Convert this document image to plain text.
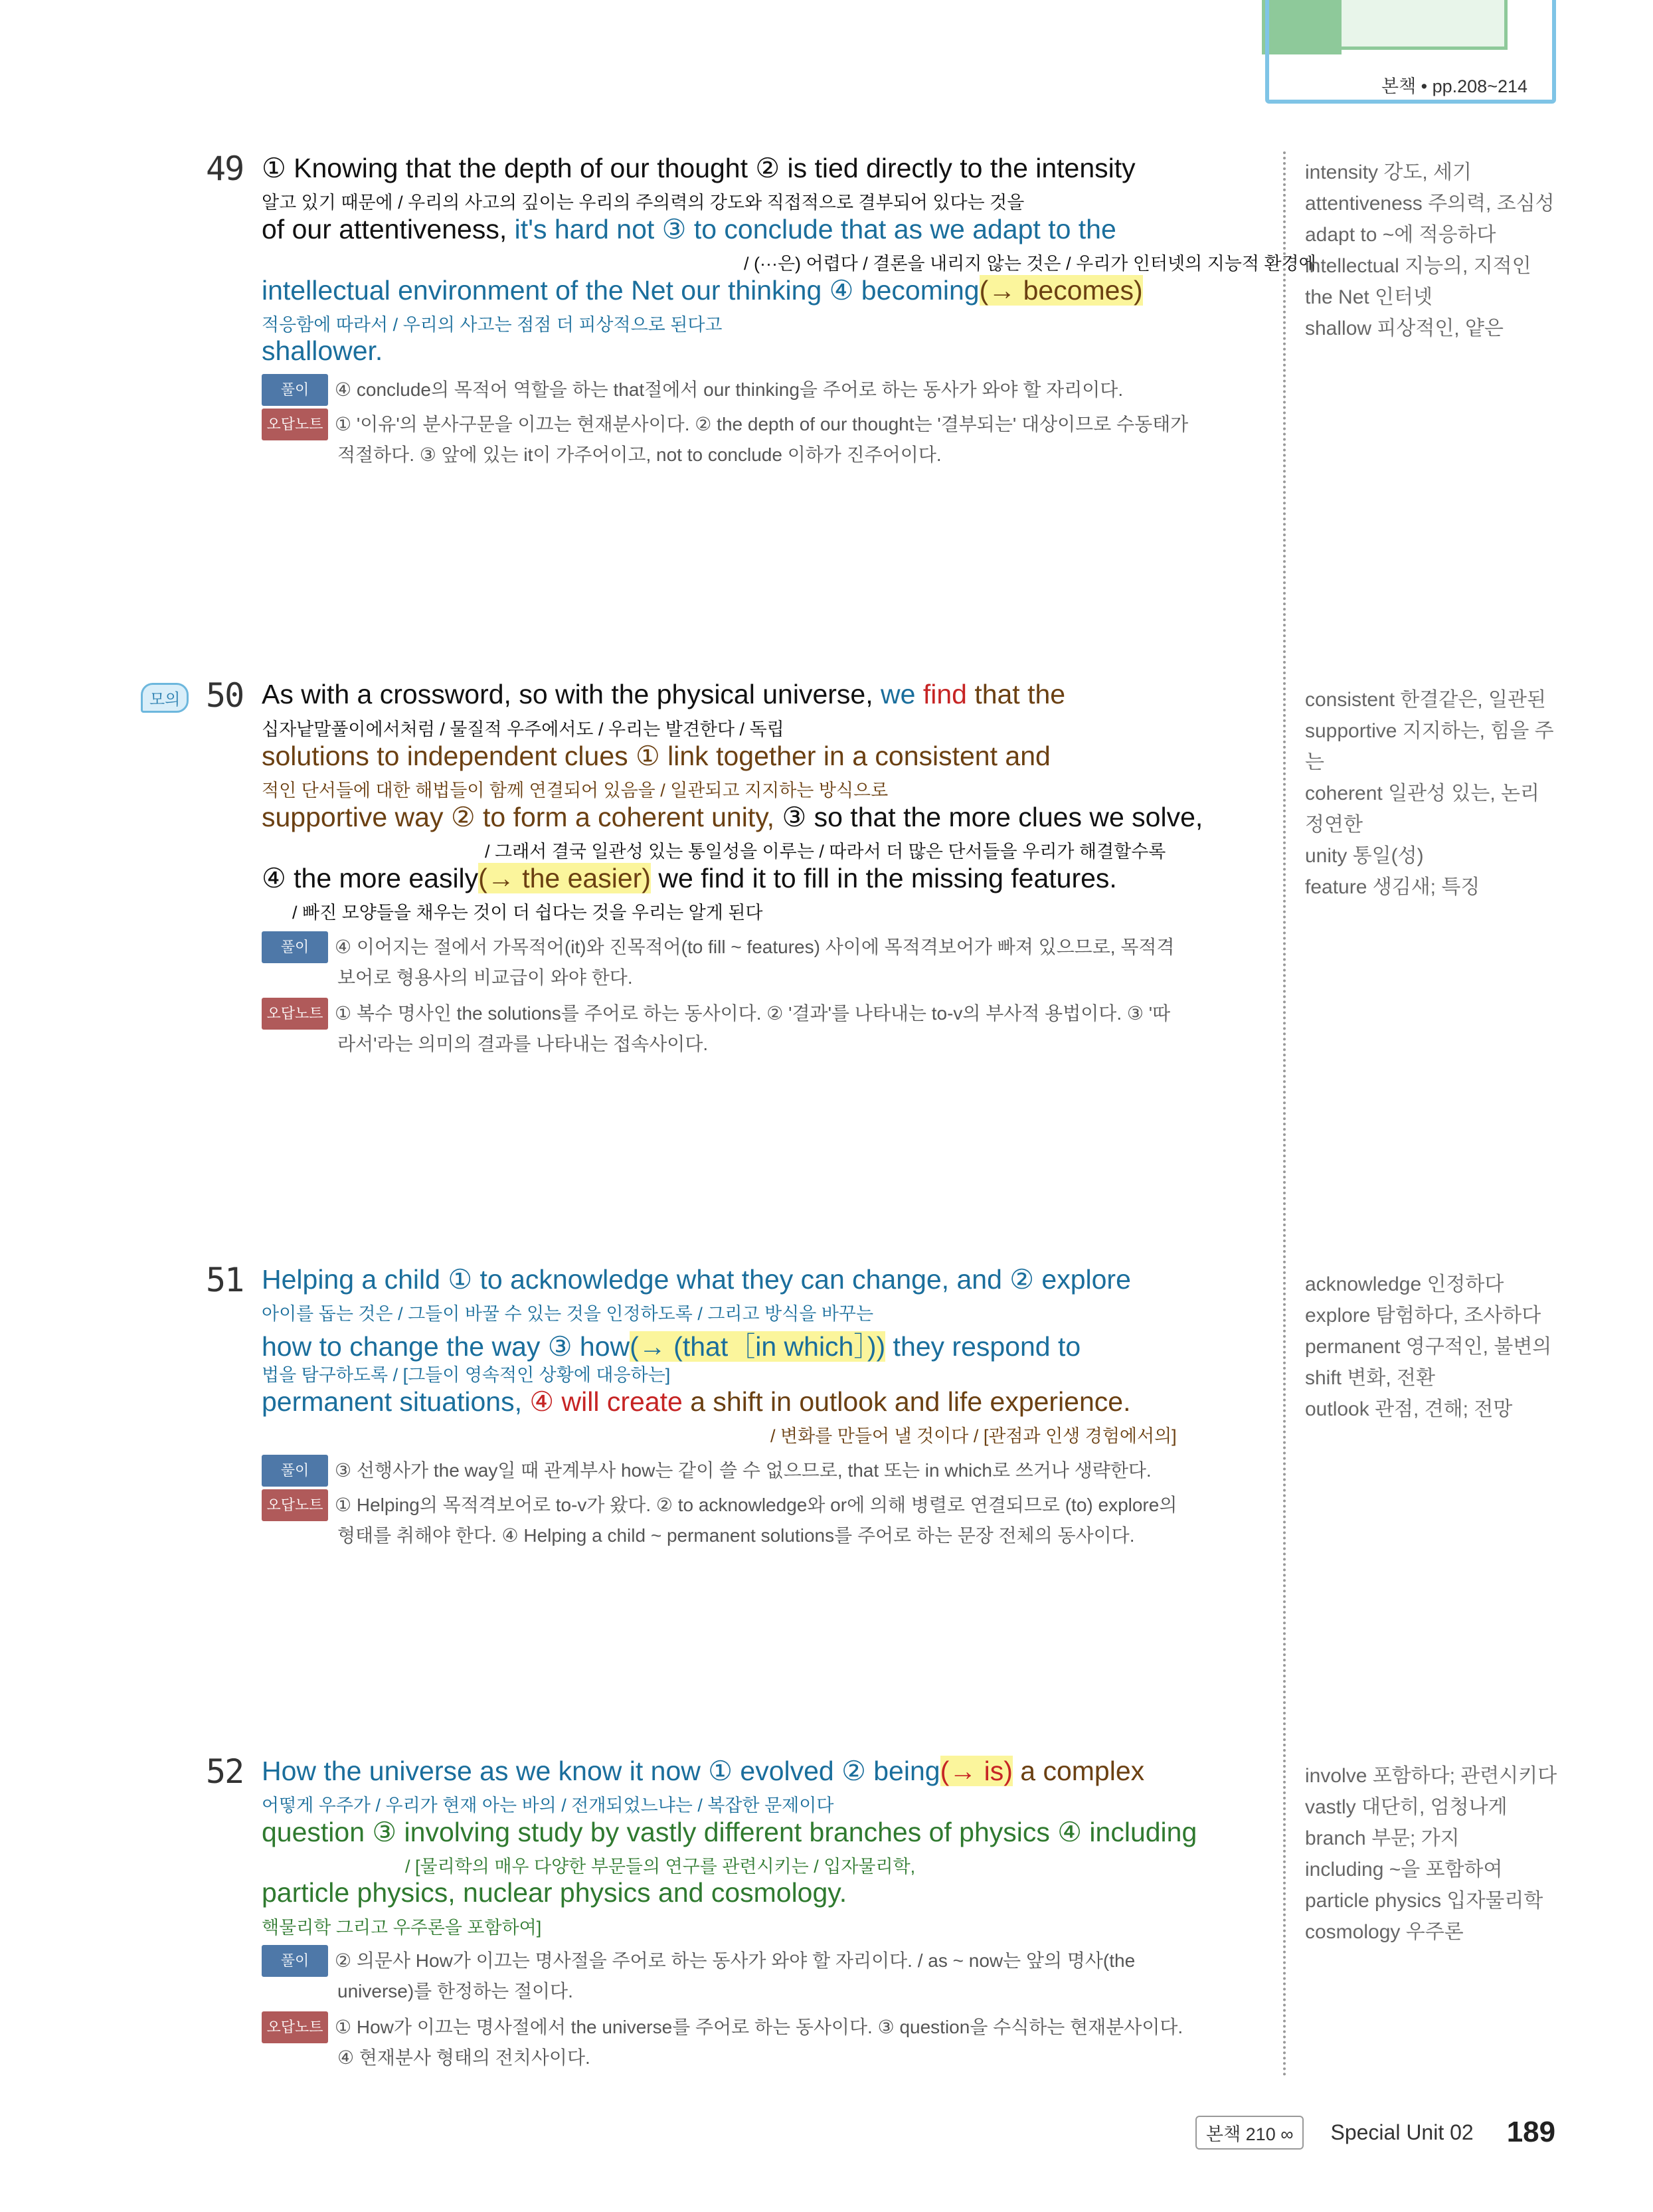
본책 • pp.208~214
49 ① Knowing that the depth of our thought ② is tied directly to the intensity
알고 있기 때문에 / 우리의 사고의 깊이는 우리의 주의력의 강도와 직접적으로 결부되어 있다는 것을
of our attentiveness, it's hard not ③ to conclude that as we adapt to the
/ (···은) 어렵다 / 결론을 내리지 않는 것은 / 우리가 인터넷의 지능적 환경에
intellectual environment of the Net our thinking ④ becoming(→ becomes)
적응함에 따라서 / 우리의 사고는 점점 더 피상적으로 된다고
shallower.
풀이 ④ conclude의 목적어 역할을 하는 that절에서 our thinking을 주어로 하는 동사가 와야 할 자리이다.
오답노트 ① '이유'의 분사구문을 이끄는 현재분사이다. ② the depth of our thought는 '결부되는' 대상이므로 수동태가
적절하다. ③ 앞에 있는 it이 가주어이고, not to conclude 이하가 진주어이다.
intensity 강도, 세기
attentiveness 주의력, 조심성
adapt to ~에 적응하다
intellectual 지능의, 지적인
the Net 인터넷
shallow 피상적인, 얕은
모의 50 As with a crossword, so with the physical universe, we find that the
십자낱말풀이에서처럼 / 물질적 우주에서도 / 우리는 발견한다 / 독립
solutions to independent clues ① link together in a consistent and
적인 단서들에 대한 해법들이 함께 연결되어 있음을 / 일관되고 지지하는 방식으로
supportive way ② to form a coherent unity, ③ so that the more clues we solve,
/ 그래서 결국 일관성 있는 통일성을 이루는 / 따라서 더 많은 단서들을 우리가 해결할수록
④ the more easily(→ the easier) we find it to fill in the missing features.
/ 빠진 모양들을 채우는 것이 더 쉽다는 것을 우리는 알게 된다
풀이 ④ 이어지는 절에서 가목적어(it)와 진목적어(to fill ~ features) 사이에 목적격보어가 빠져 있으므로, 목적격
보어로 형용사의 비교급이 와야 한다.
오답노트 ① 복수 명사인 the solutions를 주어로 하는 동사이다. ② '결과'를 나타내는 to-v의 부사적 용법이다. ③ '따
라서'라는 의미의 결과를 나타내는 접속사이다.
consistent 한결같은, 일관된
supportive 지지하는, 힘을 주는
coherent 일관성 있는, 논리
정연한
unity 통일(성)
feature 생김새; 특징
51 Helping a child ① to acknowledge what they can change, and ② explore
아이를 돕는 것은 / 그들이 바꿀 수 있는 것을 인정하도록 / 그리고 방식을 바꾸는
how to change the way ③ how(→ (that［in which］)) they respond to
법을 탐구하도록 / [그들이 영속적인 상황에 대응하는]
permanent situations, ④ will create a shift in outlook and life experience.
/ 변화를 만들어 낼 것이다 / [관점과 인생 경험에서의]
풀이 ③ 선행사가 the way일 때 관계부사 how는 같이 쓸 수 없으므로, that 또는 in which로 쓰거나 생략한다.
오답노트 ① Helping의 목적격보어로 to-v가 왔다. ② to acknowledge와 or에 의해 병렬로 연결되므로 (to) explore의
형태를 취해야 한다. ④ Helping a child ~ permanent solutions를 주어로 하는 문장 전체의 동사이다.
acknowledge 인정하다
explore 탐험하다, 조사하다
permanent 영구적인, 불변의
shift 변화, 전환
outlook 관점, 견해; 전망
52 How the universe as we know it now ① evolved ② being(→ is) a complex
어떻게 우주가 / 우리가 현재 아는 바의 / 전개되었느냐는 / 복잡한 문제이다
question ③ involving study by vastly different branches of physics ④ including
/ [물리학의 매우 다양한 부문들의 연구를 관련시키는 / 입자물리학,
particle physics, nuclear physics and cosmology.
핵물리학 그리고 우주론을 포함하여]
풀이 ② 의문사 How가 이끄는 명사절을 주어로 하는 동사가 와야 할 자리이다. / as ~ now는 앞의 명사(the
universe)를 한정하는 절이다.
오답노트 ① How가 이끄는 명사절에서 the universe를 주어로 하는 동사이다. ③ question을 수식하는 현재분사이다.
④ 현재분사 형태의 전치사이다.
involve 포함하다; 관련시키다
vastly 대단히, 엄청나게
branch 부문; 가지
including ~을 포함하여
particle physics 입자물리학
cosmology 우주론
본책 210 ∞	Special Unit 02 189
